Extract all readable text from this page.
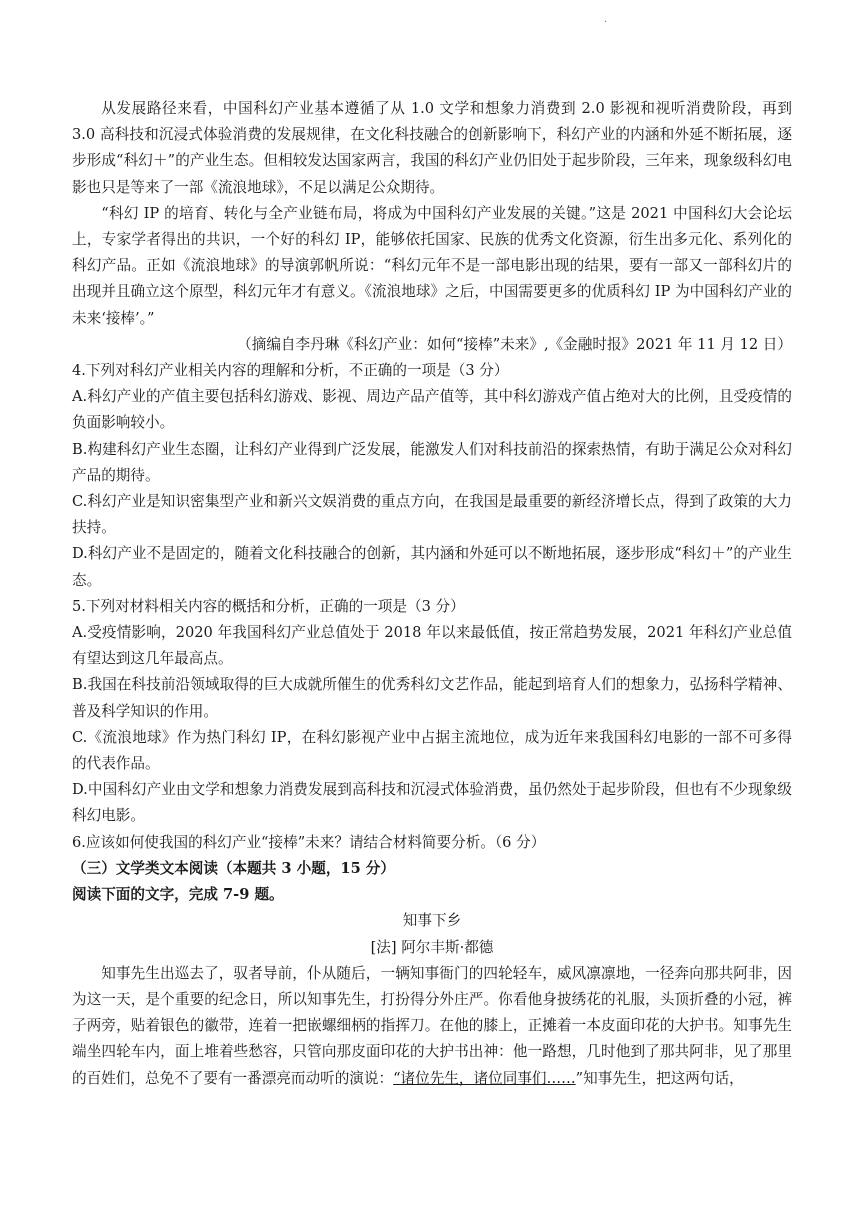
.

从发展路径来看，中国科幻产业基本遵循了从 1.0 文学和想象力消费到 2.0 影视和视听消费阶段，再到 3.0 高科技和沉浸式体验消费的发展规律，在文化科技融合的创新影响下，科幻产业的内涵和外延不断拓展，逐步形成“科幻＋”的产业生态。但相较发达国家两言，我国的科幻产业仍旧处于起步阶段，三年来，现象级科幻电影也只是等来了一部《流浪地球》，不足以满足公众期待。

“科幻 IP 的培育、转化与全产业链布局，将成为中国科幻产业发展的关键。”这是 2021 中国科幻大会论坛上，专家学者得出的共识，一个好的科幻 IP，能够依托国家、民族的优秀文化资源，衍生出多元化、系列化的科幻产品。正如《流浪地球》的导演郭帆所说：“科幻元年不是一部电影出现的结果，要有一部又一部科幻片的出现并且确立这个原型，科幻元年才有意义。《流浪地球》之后，中国需要更多的优质科幻 IP 为中国科幻产业的未来‘接棒’。”

（摘编自李丹琳《科幻产业：如何“接棒”未来》,《金融时报》2021 年 11 月 12 日）

4.下列对科幻产业相关内容的理解和分析，不正确的一项是（3 分）

A.科幻产业的产值主要包括科幻游戏、影视、周边产品产值等，其中科幻游戏产值占绝对大的比例，且受疫情的负面影响较小。

B.构建科幻产业生态圈，让科幻产业得到广泛发展，能激发人们对科技前沿的探索热情，有助于满足公众对科幻产品的期待。

C.科幻产业是知识密集型产业和新兴文娱消费的重点方向，在我国是最重要的新经济增长点，得到了政策的大力扶持。

D.科幻产业不是固定的，随着文化科技融合的创新，其内涵和外延可以不断地拓展，逐步形成“科幻＋”的产业生态。

5.下列对材料相关内容的概括和分析，正确的一项是（3 分）

A.受疫情影响，2020 年我国科幻产业总值处于 2018 年以来最低值，按正常趋势发展，2021 年科幻产业总值有望达到这几年最高点。

B.我国在科技前沿领域取得的巨大成就所催生的优秀科幻文艺作品，能起到培育人们的想象力，弘扬科学精神、普及科学知识的作用。

C.《流浪地球》作为热门科幻 IP，在科幻影视产业中占据主流地位，成为近年来我国科幻电影的一部不可多得的代表作品。

D.中国科幻产业由文学和想象力消费发展到高科技和沉浸式体验消费，虽仍然处于起步阶段，但也有不少现象级科幻电影。

6.应该如何使我国的科幻产业“接棒”未来？请结合材料简要分析。（6 分）

（三）文学类文本阅读（本题共 3 小题，15 分）

阅读下面的文字，完成 7-9 题。

知事下乡

[法] 阿尔丰斯·都德

知事先生出巡去了，驭者导前，仆从随后，一辆知事衙门的四轮轻车，威风凛凛地，一径奔向那共阿非，因为这一天，是个重要的纪念日，所以知事先生，打扮得分外庄严。你看他身披绣花的礼服，头顶折叠的小冠，裤子两旁，贴着银色的徽带，连着一把嵌螺细柄的指挥刀。在他的膝上，正摊着一本皮面印花的大护书。知事先生端坐四轮车内，面上堆着些愁容，只管向那皮面印花的大护书出神：他一路想，几时他到了那共阿非，见了那里的百姓们，总免不了要有一番漂亮而动听的演说：“诸位先生，诸位同事们……”知事先生，把这两句话，
